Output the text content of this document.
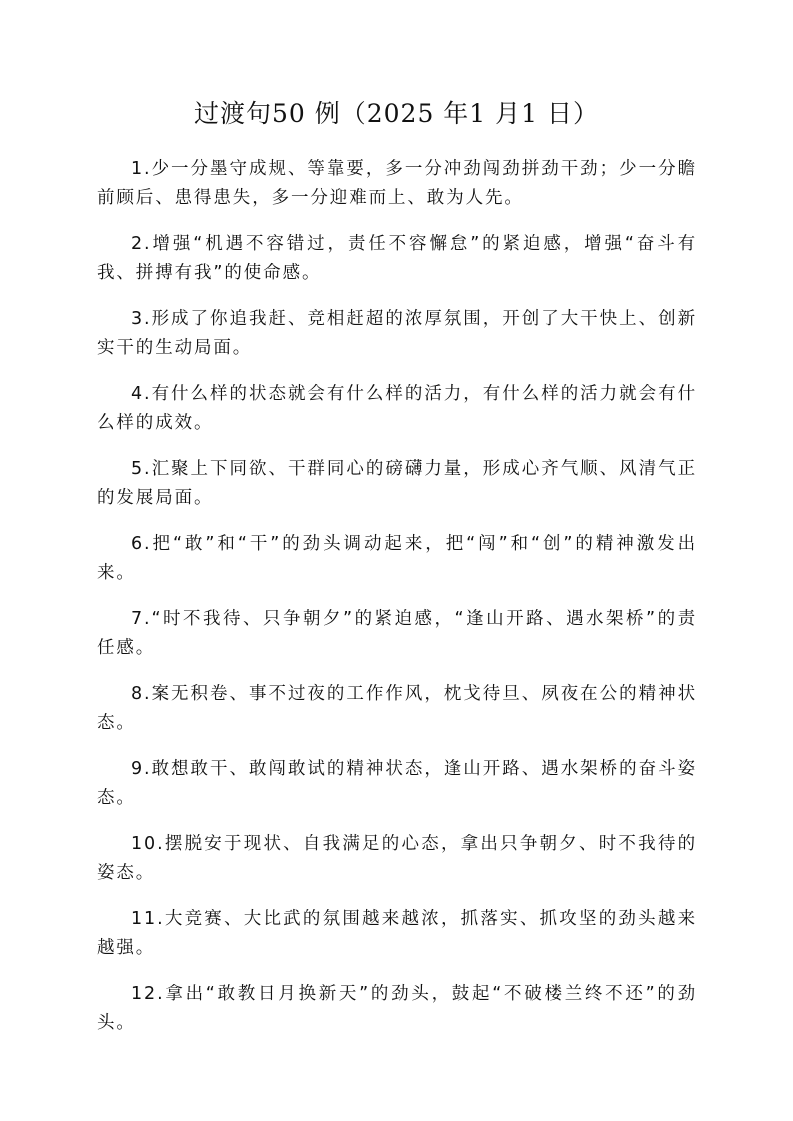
过渡句50 例（2025 年1 月1 日）

1.少一分墨守成规、等靠要，多一分冲劲闯劲拼劲干劲；少一分瞻前顾后、患得患失，多一分迎难而上、敢为人先。

2.增强“机遇不容错过，责任不容懈怠”的紧迫感，增强“奋斗有我、拼搏有我”的使命感。

3.形成了你追我赶、竞相赶超的浓厚氛围，开创了大干快上、创新实干的生动局面。

4.有什么样的状态就会有什么样的活力，有什么样的活力就会有什么样的成效。

5.汇聚上下同欲、干群同心的磅礴力量，形成心齐气顺、风清气正的发展局面。

6.把“敢”和“干”的劲头调动起来，把“闯”和“创”的精神激发出来。

7.“时不我待、只争朝夕”的紧迫感，“逢山开路、遇水架桥”的责任感。

8.案无积卷、事不过夜的工作作风，枕戈待旦、夙夜在公的精神状态。

9.敢想敢干、敢闯敢试的精神状态，逢山开路、遇水架桥的奋斗姿态。

10.摆脱安于现状、自我满足的心态，拿出只争朝夕、时不我待的姿态。

11.大竞赛、大比武的氛围越来越浓，抓落实、抓攻坚的劲头越来越强。

12.拿出“敢教日月换新天”的劲头，鼓起“不破楼兰终不还”的劲头。
